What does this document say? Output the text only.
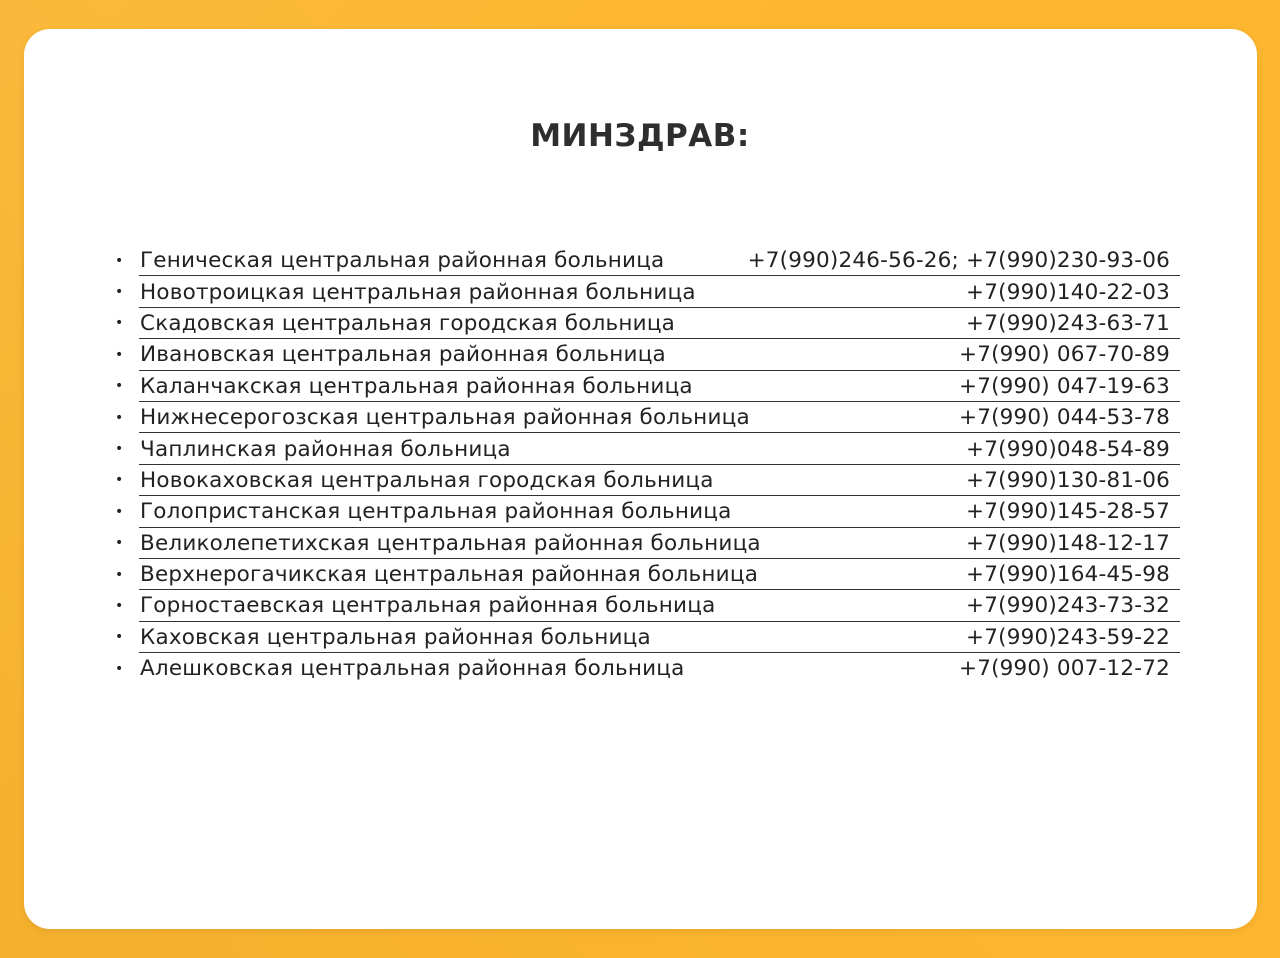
МИНЗДРАВ:
• Геническая центральная районная больница	+7(990)246-56-26; +7(990)230-93-06
• Новотроицкая центральная районная больница	+7(990)140-22-03
• Скадовская центральная городская больница	+7(990)243-63-71
• Ивановская центральная районная больница	+7(990) 067-70-89
• Каланчакская центральная районная больница	+7(990) 047-19-63
• Нижнесерогозская центральная районная больница	+7(990) 044-53-78
• Чаплинская районная больница	+7(990)048-54-89
• Новокаховская центральная городская больница	+7(990)130-81-06
• Голопристанская центральная районная больница	+7(990)145-28-57
• Великолепетихская центральная районная больница	+7(990)148-12-17
• Верхнерогачикская центральная районная больница	+7(990)164-45-98
• Горностаевская центральная районная больница	+7(990)243-73-32
• Каховская центральная районная больница	+7(990)243-59-22
• Алешковская центральная районная больница	+7(990) 007-12-72
